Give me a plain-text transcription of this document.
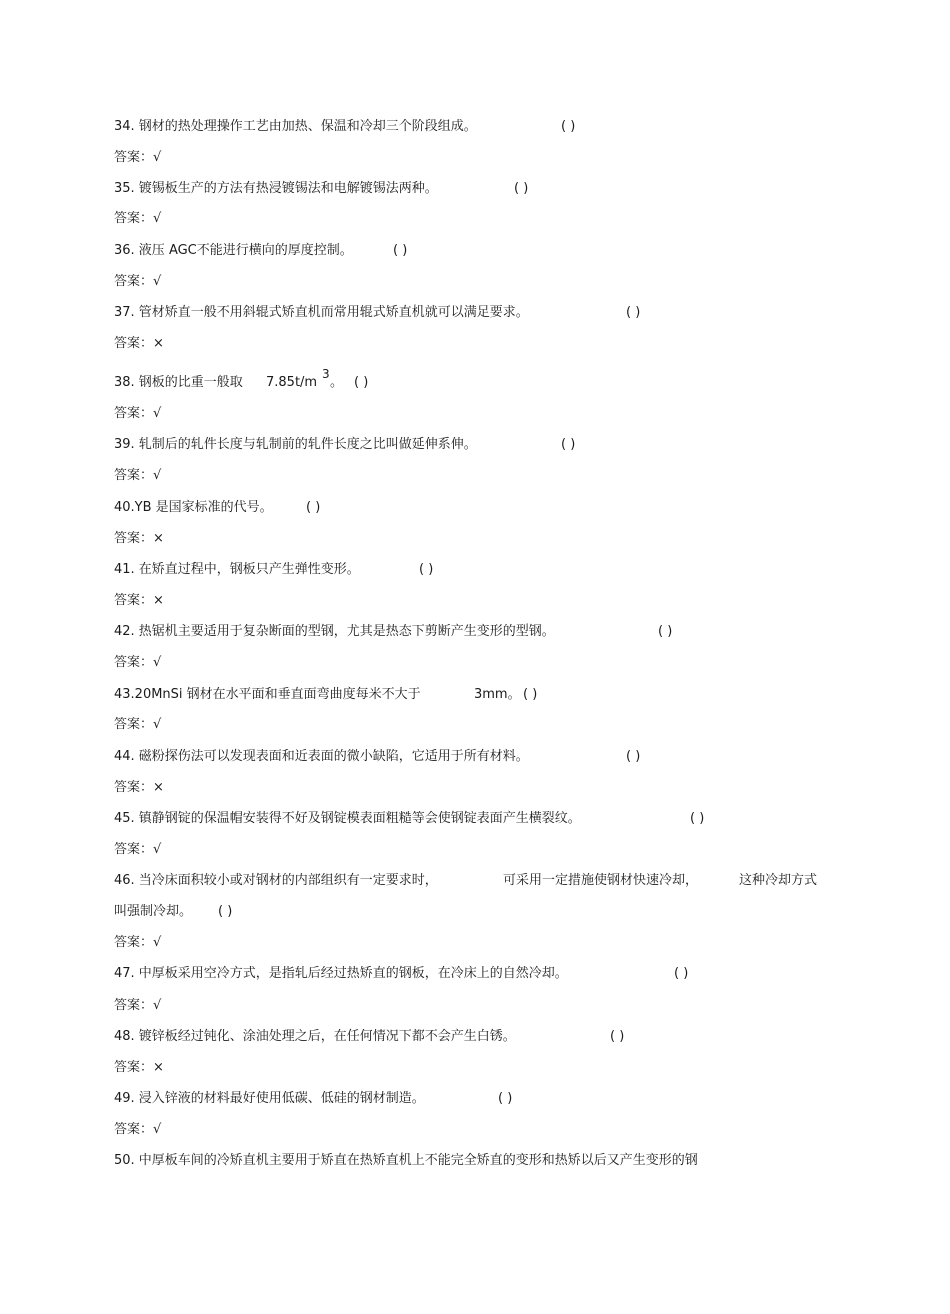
34. 钢材的热处理操作工艺由加热、保温和冷却三个阶段组成。	( )
答案：√
35. 镀锡板生产的方法有热浸镀锡法和电解镀锡法两种。	( )
答案：√
36. 液压 AGC不能进行横向的厚度控制。	( )
答案：√
37. 管材矫直一般不用斜辊式矫直机而常用辊式矫直机就可以满足要求。	( )
答案：×
38. 钢板的比重一般取 7.85t/m
3
。 ( )
答案：√
39. 轧制后的轧件长度与轧制前的轧件长度之比叫做延伸系伸。	( )
答案：√
40.YB 是国家标准的代号。	( )
答案：×
41. 在矫直过程中，钢板只产生弹性变形。	( )
答案：×
42. 热锯机主要适用于复杂断面的型钢，尤其是热态下剪断产生变形的型钢。	( )
答案：√
43.20MnSi 钢材在水平面和垂直面弯曲度每米不大于	3mm。 ( )
答案：√
44. 磁粉探伤法可以发现表面和近表面的微小缺陷，它适用于所有材料。	( )
答案：×
45. 镇静钢锭的保温帽安装得不好及钢锭模表面粗糙等会使钢锭表面产生横裂纹。	( )
答案：√
46. 当冷床面积较小或对钢材的内部组织有一定要求时，	可采用一定措施使钢材快速冷却，	这种冷却方式
叫强制冷却。 ( )
答案：√
47. 中厚板采用空冷方式，是指轧后经过热矫直的钢板，在冷床上的自然冷却。	( )
答案：√
48. 镀锌板经过钝化、涂油处理之后，在任何情况下都不会产生白锈。	( )
答案：×
49. 浸入锌液的材料最好使用低碳、低硅的钢材制造。	( )
答案：√
50. 中厚板车间的冷矫直机主要用于矫直在热矫直机上不能完全矫直的变形和热矫以后又产生变形的钢
